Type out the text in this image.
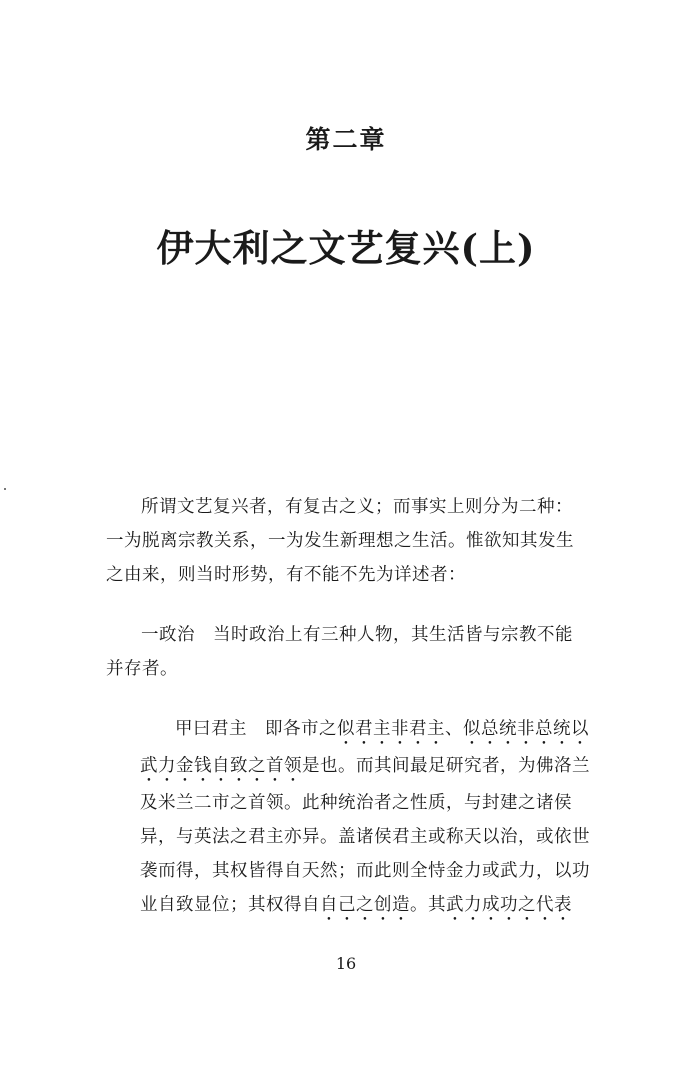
第二章
伊大利之文艺复兴(上)
所谓文艺复兴者，有复古之义；而事实上则分为二种：一为脱离宗教关系，一为发生新理想之生活。惟欲知其发生之由来，则当时形势，有不能不先为详述者：
一政治　当时政治上有三种人物，其生活皆与宗教不能并存者。
甲曰君主　即各市之似君主非君主、似总统非总统以武力金钱自致之首领是也。而其间最足研究者，为佛洛兰及米兰二市之首领。此种统治者之性质，与封建之诸侯异，与英法之君主亦异。盖诸侯君主或称天以治，或依世袭而得，其权皆得自天然；而此则全恃金力或武力，以功业自致显位；其权得自自己之创造。其武力成功之代表
16
